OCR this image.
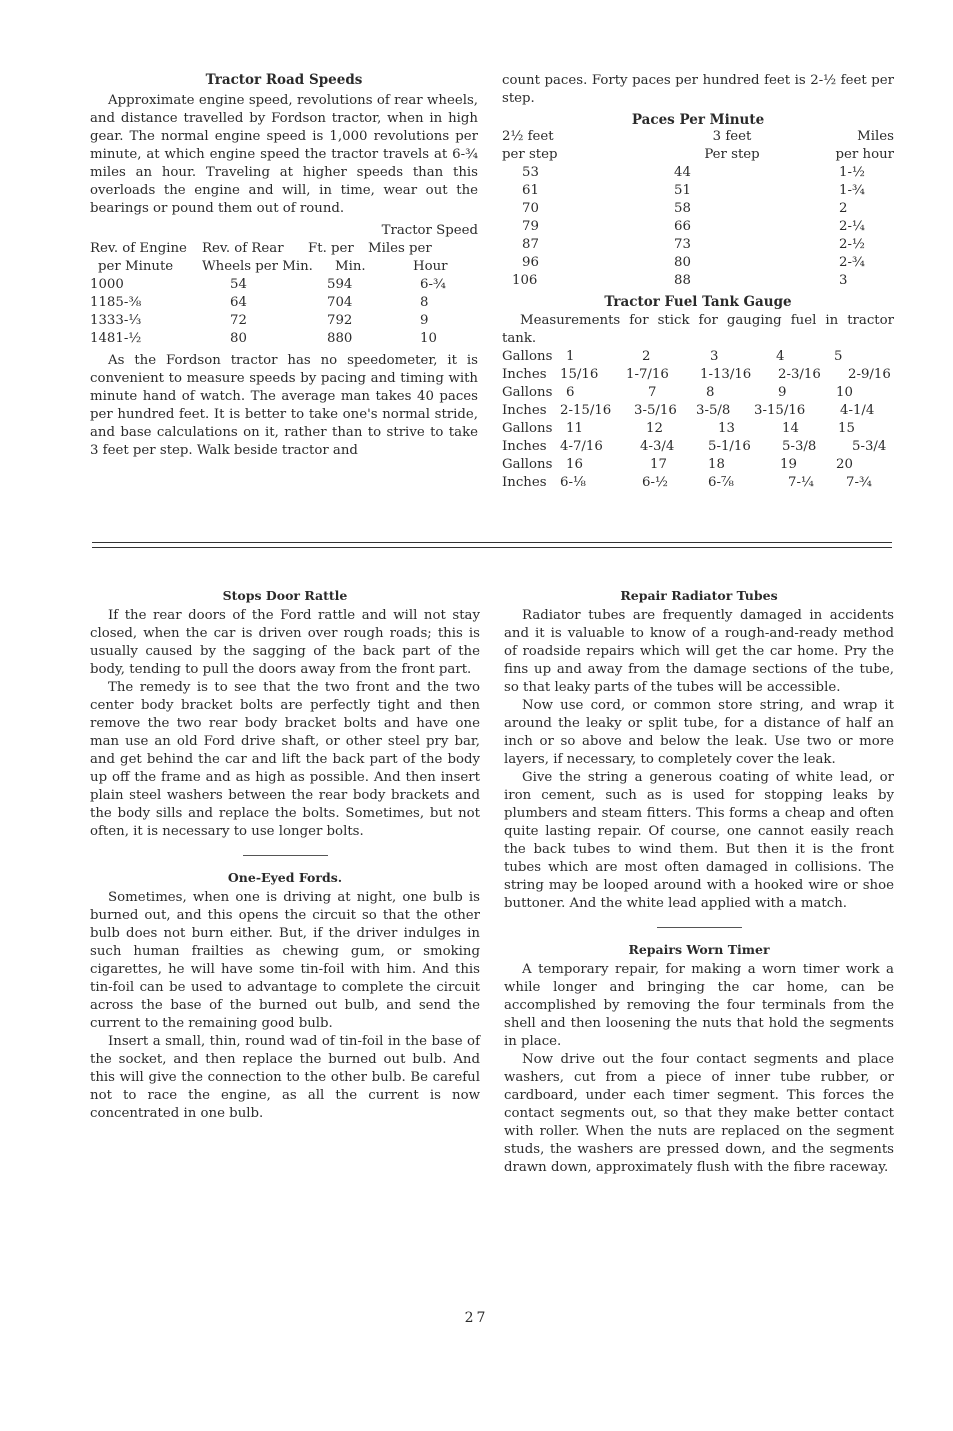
Tractor Road Speeds

Approximate engine speed, revolutions of rear wheels, and distance travelled by Fordson tractor, when in high gear. The normal engine speed is 1,000 revolutions per minute, at which engine speed the tractor travels at 6-¾ miles an hour. Traveling at higher speeds than this overloads the engine and will, in time, wear out the bearings or pound them out of round.

Tractor Speed
Rev. of Engine	Rev. of Rear	Ft. per	Miles per
per Minute	Wheels per Min.	Min.	Hour
1000	54	594	6-¾
1185-⅜	64	704	8
1333-⅓	72	792	9
1481-½	80	880	10

As the Fordson tractor has no speedometer, it is convenient to measure speeds by pacing and timing with minute hand of watch. The average man takes 40 paces per hundred feet. It is better to take one's normal stride, and base calculations on it, rather than to strive to take 3 feet per step. Walk beside tractor and

count paces. Forty paces per hundred feet is 2-½ feet per step.

Paces Per Minute
2½ feet	3 feet	Miles
per step	Per step	per hour
53	44	1-½
61	51	1-¾
70	58	2
79	66	2-¼
87	73	2-½
96	80	2-¾
106	88	3
Tractor Fuel Tank Gauge

Measurements for stick for gauging fuel in tractor tank.

Gallons	1	2	3	4	5
Inches	15/16	1-7/16	1-13/16	2-3/16	2-9/16
Gallons	6	7	8	9	10
Inches	2-15/16	3-5/16	3-5/8	3-15/16	4-1/4
Gallons	11	12	13	14	15
Inches	4-7/16	4-3/4	5-1/16	5-3/8	5-3/4
Gallons	16	17	18	19	20
Inches	6-⅛	6-½	6-⅞	7-¼	7-¾
Stops Door Rattle

If the rear doors of the Ford rattle and will not stay closed, when the car is driven over rough roads; this is usually caused by the sagging of the back part of the body, tending to pull the doors away from the front part.

The remedy is to see that the two front and the two center body bracket bolts are perfectly tight and then remove the two rear body bracket bolts and have one man use an old Ford drive shaft, or other steel pry bar, and get behind the car and lift the back part of the body up off the frame and as high as possible. And then insert plain steel washers between the rear body brackets and the body sills and replace the bolts. Sometimes, but not often, it is necessary to use longer bolts.

One-Eyed Fords.

Sometimes, when one is driving at night, one bulb is burned out, and this opens the circuit so that the other bulb does not burn either. But, if the driver indulges in such human frailties as chewing gum, or smoking cigarettes, he will have some tin-foil with him. And this tin-foil can be used to advantage to complete the circuit across the base of the burned out bulb, and send the current to the remaining good bulb.

Insert a small, thin, round wad of tin-foil in the base of the socket, and then replace the burned out bulb. And this will give the connection to the other bulb. Be careful not to race the engine, as all the current is now concentrated in one bulb.

Repair Radiator Tubes

Radiator tubes are frequently damaged in accidents and it is valuable to know of a rough-and-ready method of roadside repairs which will get the car home. Pry the fins up and away from the damage sections of the tube, so that leaky parts of the tubes will be accessible.

Now use cord, or common store string, and wrap it around the leaky or split tube, for a distance of half an inch or so above and below the leak. Use two or more layers, if necessary, to completely cover the leak.

Give the string a generous coating of white lead, or iron cement, such as is used for stopping leaks by plumbers and steam fitters. This forms a cheap and often quite lasting repair. Of course, one cannot easily reach the back tubes to wind them. But then it is the front tubes which are most often damaged in collisions. The string may be looped around with a hooked wire or shoe buttoner. And the white lead applied with a match.

Repairs Worn Timer

A temporary repair, for making a worn timer work a while longer and bringing the car home, can be accomplished by removing the four terminals from the shell and then loosening the nuts that hold the segments in place.

Now drive out the four contact segments and place washers, cut from a piece of inner tube rubber, or cardboard, under each timer segment. This forces the contact segments out, so that they make better contact with roller. When the nuts are replaced on the segment studs, the washers are pressed down, and the segments drawn down, approximately flush with the fibre raceway.

27
